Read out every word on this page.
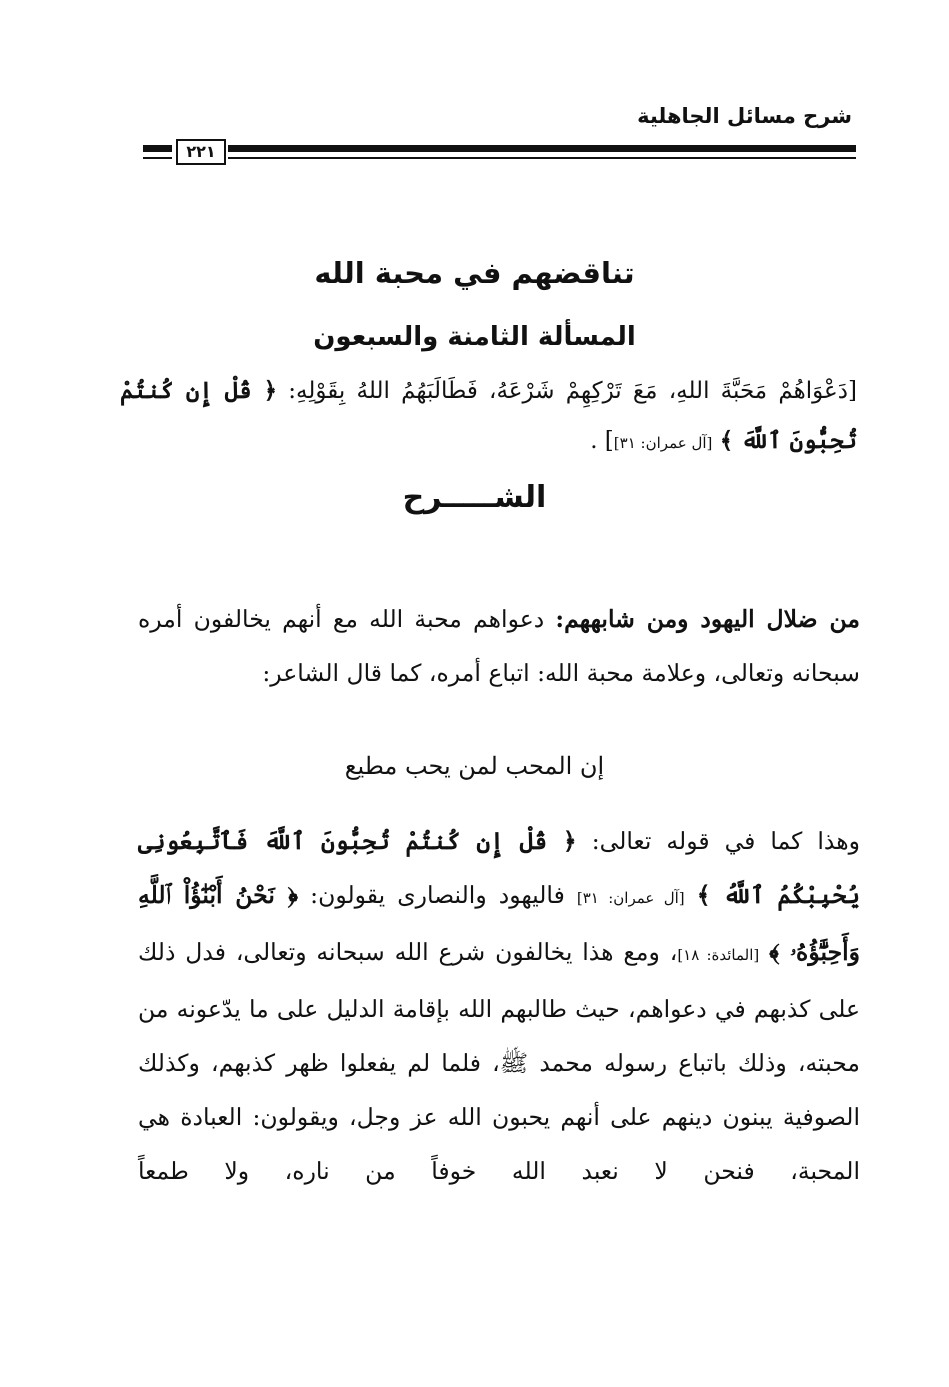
شرح مسائل الجاهلية
٢٢١
تناقضهم في محبة الله
المسألة الثامنة والسبعون
[دَعْوَاهُمْ مَحَبَّةَ اللهِ، مَعَ تَرْكِهِمْ شَرْعَهُ، فَطَالَبَهُمُ اللهُ بِقَوْلِهِ: ﴿ قُلْ إِن كُنتُمْ تُحِبُّونَ ٱللَّهَ ﴾ [آل عمران: ٣١]] .
الشـــــرح
من ضلال اليهود ومن شابههم: دعواهم محبة الله مع أنهم يخالفون أمره سبحانه وتعالى، وعلامة محبة الله: اتباع أمره، كما قال الشاعر:
إن المحب لمن يحب مطيع
وهذا كما في قوله تعالى: ﴿ قُلْ إِن كُنتُمْ تُحِبُّونَ ٱللَّهَ فَٱتَّبِعُونِى يُحْبِبْكُمُ ٱللَّهُ ﴾ [آل عمران: ٣١] فاليهود والنصارى يقولون: ﴿ نَحْنُ أَبْنَٰٓؤُاْ ٱللَّهِ وَأَحِبَّٰٓؤُهُۥ ﴾ [المائدة: ١٨]، ومع هذا يخالفون شرع الله سبحانه وتعالى، فدل ذلك على كذبهم في دعواهم، حيث طالبهم الله بإقامة الدليل على ما يدّعونه من محبته، وذلك باتباع رسوله محمد ﷺ، فلما لم يفعلوا ظهر كذبهم، وكذلك الصوفية يبنون دينهم على أنهم يحبون الله عز وجل، ويقولون: العبادة هي المحبة، فنحن لا نعبد الله خوفاً من ناره، ولا طمعاً
